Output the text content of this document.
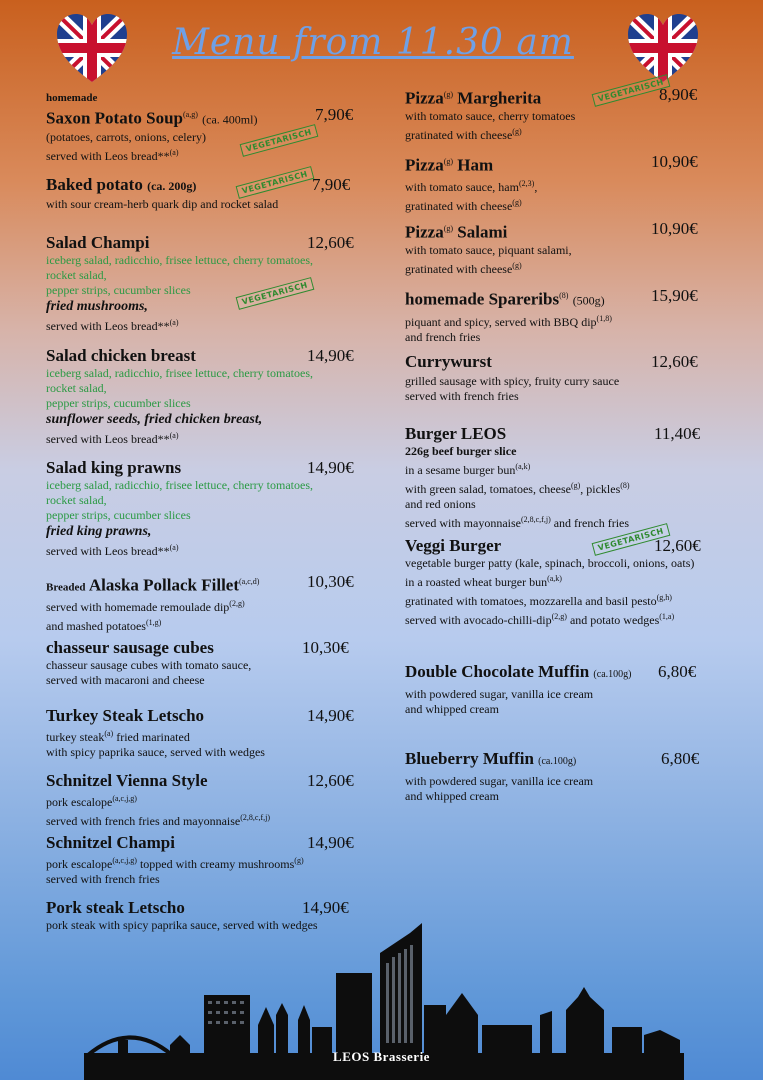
Menu from 11.30 am
homemade
Saxon Potato Soup$^{(a,g)}$ (ca. 400ml)	7,90€
(potatoes, carrots, onions, celery)
served with Leos bread**$^{(a)}$	VEGETARISCH
Baked potato (ca. 200g)	7,90€
with sour cream-herb quark dip and rocket salad
VEGETARISCH
Salad Champi	12,60€
iceberg salad, radicchio, frisee lettuce, cherry tomatoes,
rocket salad,
pepper strips, cucumber slices
fried mushrooms,
served with Leos bread**$^{(a)}$
VEGETARISCH
Salad chicken breast	14,90€
iceberg salad, radicchio, frisee lettuce, cherry tomatoes,
rocket salad,
pepper strips, cucumber slices
sunflower seeds, fried chicken breast,
served with Leos bread**$^{(a)}$
Salad king prawns	14,90€
iceberg salad, radicchio, frisee lettuce, cherry tomatoes,
rocket salad,
pepper strips, cucumber slices
fried king prawns,
served with Leos bread**$^{(a)}$
Breaded Alaska Pollack Fillet$^{(a,c,d)}$	10,30€
served with homemade remoulade dip$^{(2,g)}$
and mashed potatoes$^{(1,g)}$
chasseur sausage cubes	10,30€
chasseur sausage cubes with tomato sauce,
served with macaroni and cheese
Turkey Steak Letscho	14,90€
turkey steak$^{(a)}$ fried marinated
with spicy paprika sauce, served with wedges
Schnitzel Vienna Style	12,60€
pork escalope$^{(a,c,j,g)}$
served with french fries and mayonnaise$^{(2,8,c,f,j)}$
Schnitzel Champi	14,90€
pork escalope$^{(a,c,j,g)}$ topped with creamy mushrooms$^{(g)}$
served with french fries
Pork steak Letscho	14,90€
pork steak with spicy paprika sauce, served with wedges
Pizza$^{(g)}$ Margherita	8,90€
with tomato sauce, cherry tomatoes
gratinated with cheese$^{(g)}$
VEGETARISCH
Pizza$^{(g)}$ Ham	10,90€
with tomato sauce, ham$^{(2,3)}$,
gratinated with cheese$^{(g)}$
Pizza$^{(g)}$ Salami	10,90€
with tomato sauce, piquant salami,
gratinated with cheese$^{(g)}$
homemade Spareribs$^{(8)}$ (500g)	15,90€
piquant and spicy, served with BBQ dip$^{(1,8)}$
and french fries
Currywurst	12,60€
grilled sausage with spicy, fruity curry sauce
served with french fries
Burger LEOS	11,40€
226g beef burger slice
in a sesame burger bun$^{(a,k)}$
with green salad, tomatoes, cheese$^{(g)}$, pickles$^{(8)}$
and red onions
served with mayonnaise$^{(2,8,c,f,j)}$ and french fries
Veggi Burger	12,60€
vegetable burger patty (kale, spinach, broccoli, onions, oats)
in a roasted wheat burger bun$^{(a,k)}$
gratinated with tomatoes, mozzarella and basil pesto$^{(g,h)}$
served with avocado-chilli-dip$^{(2,g)}$ and potato wedges$^{(1,a)}$
VEGETARISCH
Double Chocolate Muffin (ca.100g)	6,80€
with powdered sugar, vanilla ice cream
and whipped cream
Blueberry Muffin (ca.100g)	6,80€
with powdered sugar, vanilla ice cream
and whipped cream
LEOS Brasserie
